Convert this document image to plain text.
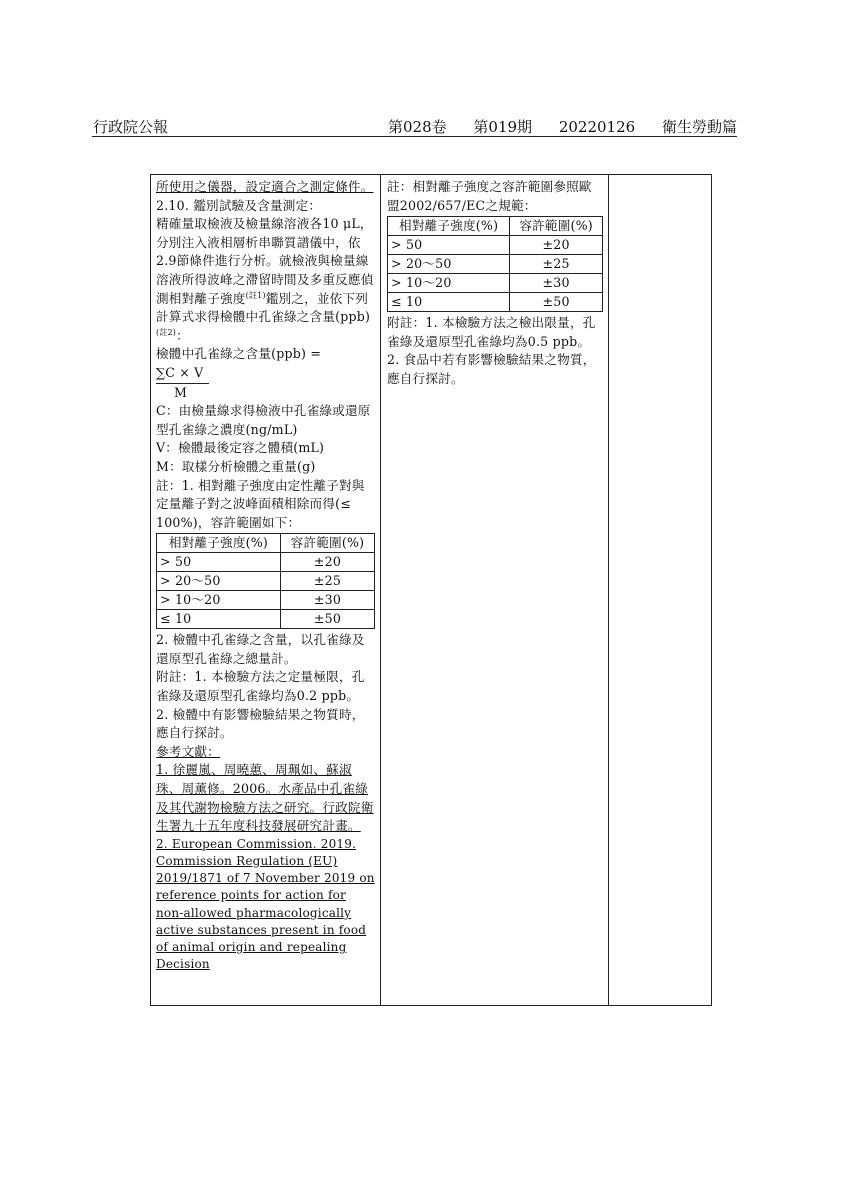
行政院公報	第028卷 第019期 20220126 衛生勞動篇
所使用之儀器，設定適合之測定條件。
2.10. 鑑別試驗及含量測定：
精確量取檢液及檢量線溶液各10 μL，分別注入液相層析串聯質譜儀中，依2.9節條件進行分析。就檢液與檢量線溶液所得波峰之滯留時間及多重反應偵測相對離子強度$^{(註1)}$鑑別之，並依下列計算式求得檢體中孔雀綠之含量(ppb)$^{(註2)}$：
檢體中孔雀綠之含量(ppb) =
∑C × V
M
C：由檢量線求得檢液中孔雀綠或還原型孔雀綠之濃度(ng/mL)
V：檢體最後定容之體積(mL)
M：取樣分析檢體之重量(g)
註：1. 相對離子強度由定性離子對與定量離子對之波峰面積相除而得(≤ 100%)，容許範圍如下：
相對離子強度(%)	容許範圍(%)
> 50	±20
> 20～50	±25
> 10～20	±30
≤ 10	±50
2. 檢體中孔雀綠之含量，以孔雀綠及還原型孔雀綠之總量計。
附註：1. 本檢驗方法之定量極限，孔雀綠及還原型孔雀綠均為0.2 ppb。
2. 檢體中有影響檢驗結果之物質時，應自行探討。
參考文獻：
1. 徐麗嵐、周曉蕙、周珮如、蘇淑珠、周薰修。2006。水產品中孔雀綠及其代謝物檢驗方法之研究。行政院衛生署九十五年度科技發展研究計畫。
2. European Commission. 2019. Commission Regulation (EU) 2019/1871 of 7 November 2019 on reference points for action for non-allowed pharmacologically active substances present in food of animal origin and repealing Decision
註：相對離子強度之容許範圍參照歐盟2002/657/EC之規範：
相對離子強度(%)	容許範圍(%)
> 50	±20
> 20～50	±25
> 10～20	±30
≤ 10	±50
附註：1. 本檢驗方法之檢出限量，孔雀綠及還原型孔雀綠均為0.5 ppb。
2. 食品中若有影響檢驗結果之物質，應自行探討。
